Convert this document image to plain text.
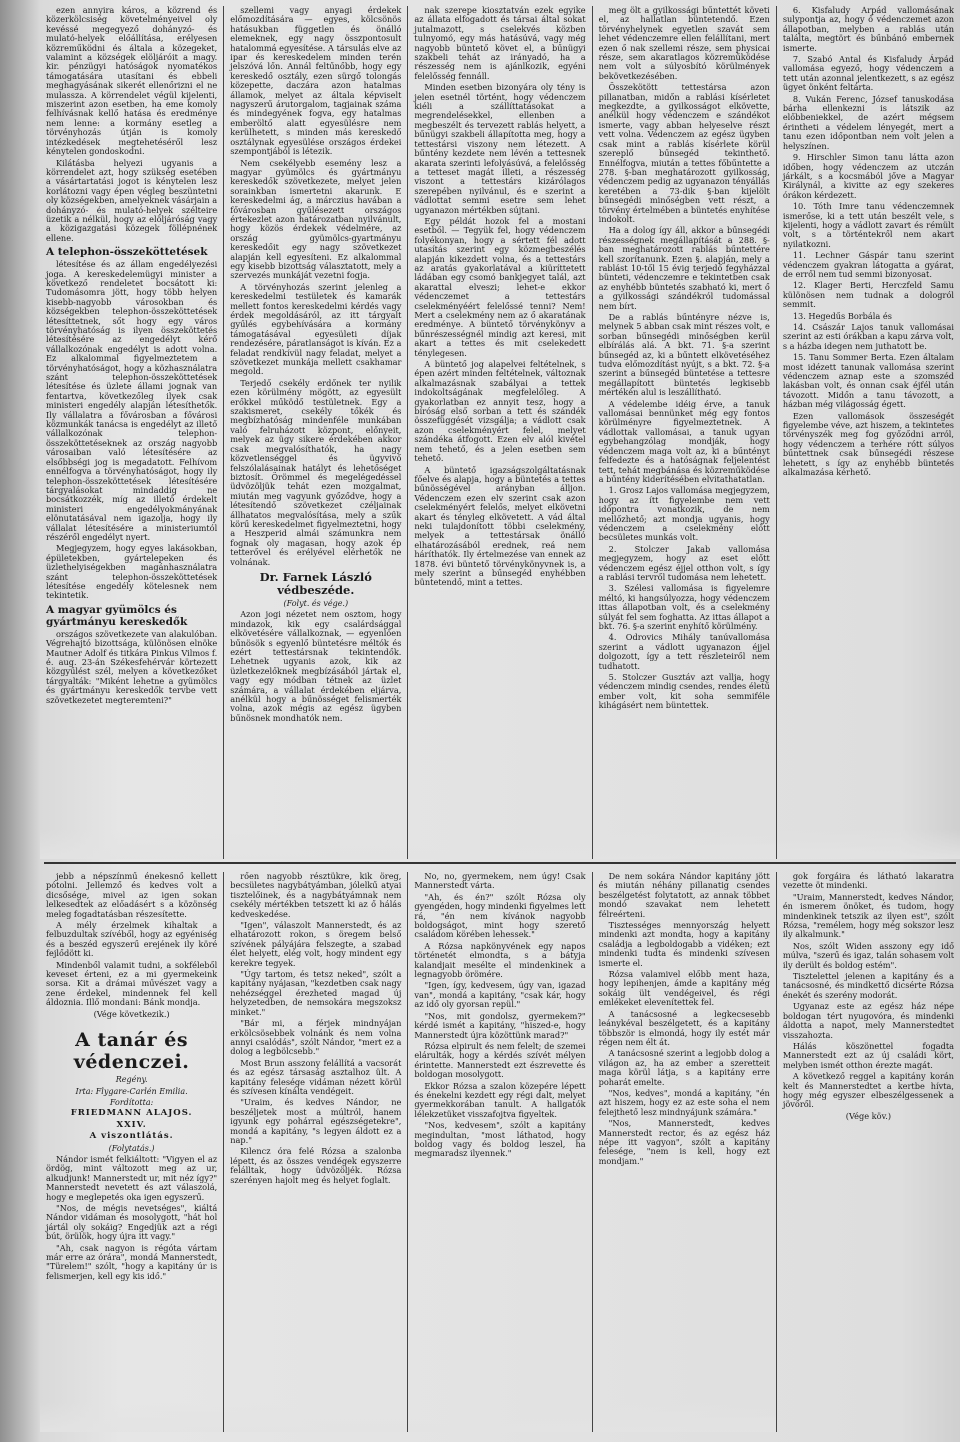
ezen annyira káros, a közrend és közerkölcsiség követelményeivel oly kevéssé megegyező dohányzó- és mulató-helyek előállítása, erélyesen közreműködni és általa a közegeket, valamint a községek elöljáróit a magy. kir. pénzügyi hatóságok nyomatékos támogatására utasítani és ebbeli meghagyásának sikerét ellenőrizni el ne mulassza. A körrendelet végül kijelenti, miszerint azon esetben, ha eme komoly felhívásnak kellő hatása és eredménye nem lenne: a kormány esetleg a törvényhozás útján is komoly intézkedések megtehetéséről lesz kénytelen gondoskodni.

Kilátásba helyezi ugyanis a körrendelet azt, hogy szükség esetében a vásártartatási jogot is kénytelen lesz korlátozni vagy épen végleg beszüntetni oly községekben, amelyeknek vásárjain a dohányzó- és mulató-helyek szélteire üzetik a nélkül, hogy az elöljáróság vagy a közigazgatási közegek föllépnének ellene.

A telephon-összeköttetések

létesítése és az állam engedélyezési joga. A kereskedelemügyi minister a következő rendeletet bocsátott ki: Tudomásomra jött, hogy több helyen kisebb-nagyobb városokban és községekben telephon-összeköttetések létesíttetnek, sőt hogy egy város törvényhatóság is ilyen összeköttetés létesítésére az engedélyt kérő vállalkozónak engedélyt is adott volna. Ez alkalommal figyelmeztetem a törvényhatóságot, hogy a közhasználatra szánt telephon-összeköttetések létesítése és üzlete állami jognak van fentartva, következőleg ilyek csak ministeri engedély alapján létesíthetők. Ily vállalatra a fővárosban a fővárosi közmunkák tanácsa is engedélyt az illető vállalkozónak telephon-összeköttetéseknek az ország nagyobb városaiban való létesítésére az elsőbbségi jog is megadatott. Felhívom ennélfogva a törvényhatóságot, hogy ily telephon-összeköttetések létesítésére tárgyalásokat mindaddig ne bocsátkozzék, míg az illető érdekelt ministeri engedélyokmányának elönutatásával nem igazolja, hogy ily vállalat létesítésére a ministeriumtól részéről engedélyt nyert.

Megjegyzem, hogy egyes lakásokban, épületekben, gyártelepeken és üzlethelyiségekben magánhasználatra szánt telephon-összeköttetések létesítése engedély kötelesnek nem tekintetik.

A magyar gyümölcs és gyártmányu kereskedők

országos szövetkezete van alakulóban. Végrehajtó bizottsága, különösen elnöke Mautner Adolf és titkára Pinkus Vilmos f. é. aug. 23-án Székesfehérvár körtezett közgyűlést szél, melyen a következőket tárgyalták: "Miként lehetne a gyümölcs és gyártmányu kereskedők tervbe vett szövetkezetet megteremteni?"

szellemi vagy anyagi érdekek előmozdítására — egyes, kölcsönös hatásukban független és önálló elemeknek, egy nagy összpontosult hatalommá egyesítése. A társulás elve az ipar és kereskedelem minden terén jelszóvá lőn. Annál feltűnőbb, hogy egy kereskedő osztály, ezen sürgő tolongás közepette, daczára azon hatalmas államok, melyet az általa képviselt nagyszerű árutorgalom, tagjainak száma és mindegyének fogva, egy hatalmas emberöltő alatt egyesülésre nem kerülhetett, s minden más kereskedő osztálynak egyesülése országos érdekei szempontjából is létezik.

Nem csekélyebb esemény lesz a magyar gyümölcs és gyártmányu kereskedők szövetkezete, melyet jelen sorainkban ismertetni akarunk. E kereskedelmi ág, a márczius havában a fővárosban gyűlésezett országos értekezlet azon határozatban nyilvánult, hogy közös érdekek védelmére, az ország gyümölcs-gyartmányu kereskedőit egy nagy szövetkezet alapján kell egyesíteni. Ez alkalommal egy kisebb bizottság választatott, mely a szervezés munkáját vezetni fogja.

A törvényhozás szerint jelenleg a kereskedelmi testületek és kamarák mellett fontos kereskedelmi kérdés vagy érdek megoldásáról, az itt tárgyalt gyűlés egybehívására a kormány támogatásával egyesületi díjak rendezésére, páratlanságot is kíván. Ez a feladat rendkívül nagy feladat, melyet a szövetkezet munkája mellett csakhamar megold.

Terjedő csekély erdőnek ter nyilik ezen körülmény mögött, az egyesült erőkkel működő testületnek. Egy a szakismeret, csekély tőkék és megbízhatóság mindenféle munkában való felruházott központ, előnyeit, melyek az ügy sikere érdekében akkor csak megvalósíthatók, ha nagy közvetlenséggel és ügyvivő felszólalásainak hatályt és lehetőséget biztosít. Örömmel és megelégedéssel üdvözöljük tehát ezen mozgalmat, miután meg vagyunk győződve, hogy a létesítendő szövetkezet czéljainak állhatatos megvalósítása, mely a szűk körű kereskedelmet figyelmeztetni, hogy a Heszperid almái számunkra nem fognak oly magasan, hogy azok ép tetterővel és erélyével elérhetők ne volnának.

Dr. Farnek László védbeszéde.
(Folyt. és vége.)

Azon jogi nézetet nem osztom, hogy mindazok, kik egy csalárdsággal elkövetésére vállalkoznak, — egyenlően bűnösök s egyenlő büntetésre méltók és ezért tettestársnak tekintendők. Lehetnek ugyanis azok, kik az üzletkezelőknek megbízásából jártak el, vagy egy módban tétnek az üzlet számára, a vállalat érdekében eljárva, anélkül hogy a bűnösséget felismerték volna, azok mégis az egész ügyben bűnösnek mondhatók nem.

nak szerepe kiosztatván ezek egyike az állata elfogadott és társai által sokat jutalmazott, s cselekvés közben tulnyomó, egy más hatásúvá, vagy még nagyobb büntető követ el, a bűnügyi szakbeli tehát az irányadó, ha a részesség nem is ajánlkozik, egyéni felelősség fennáll.

Minden esetben bizonyára oly tény is jelen esetnél történt, hogy védenczem kiéli a szállíttatásokat a megrendelésekkel, ellenben a megbeszélt és tervezett rablás helyett, a bűnügyi szakbeli állapította meg, hogy a tettestársi viszony nem létezett. A bűntény kezdete nem lévén a tettesnek akarata szerinti lefolyásúvá, a felelősség a tetteset magát illeti, a részesség viszont a tettestárs kizárólagos szerepében nyilvánul, és e szerint a vádlottat semmi esetre sem lehet ugyanazon mértékben sújtani.

Egy példát hozok fel a mostani esetből. — Tegyük fel, hogy védenczem folyékonyan, hogy a sértett fél adott utasítás szerint egy közmegbeszélés alapján kikezdett volna, és a tettestárs az aratás gyakorlatával a kiüríttetett ládában egy csomó bankjegyet talál, azt akarattal elveszi; lehet-e ekkor védenczemet a tettestárs cselekményéért felelőssé tenni? Nem! Mert a cselekmény nem az ő akaratának eredménye. A büntető törvénykönyv a bűnrészességnél mindig azt keresi, mit akart a tettes és mit cselekedett ténylegesen.

A büntető jog alapelvei feltételnek, s épen azért minden feltételnek, változnak alkalmazásnak szabályai a tettek indokoltságának megfelelőleg. A gyakorlatban ez annyit tesz, hogy a bíróság első sorban a tett és szándék összefüggését vizsgálja; a vádlott csak azon cselekményért felel, melyet szándéka átfogott. Ezen elv alól kivétel nem tehető, és a jelen esetben sem tehető.

A büntető igazságszolgáltatásnak főelve és alapja, hogy a büntetés a tettes bűnösségével arányban álljon. Védenczem ezen elv szerint csak azon cselekményért felelős, melyet elkövetni akart és tényleg elkövetett. A vád által neki tulajdonított többi cselekmény, melyek a tettestársak önálló elhatározásából erednek, reá nem háríthatók. Ily értelmezése van ennek az 1878. évi büntető törvénykönyvnek is, a mely szerint a bűnsegéd enyhébben büntetendő, mint a tettes.

meg ölt a gyilkossági bűntettét követi el, az hallatlan büntetendő. Ezen törvényhelynek egyetlen szavát sem lehet védenczemre ellen felállítani, mert ezen ő nak szellemi része, sem physicai része, sem akaratlagos közreműködése nem volt a súlyosbító körülmények bekövetkezésében.

Összekötött tettestársa azon pillanatban, midőn a rablási kísérletet megkezdte, a gyilkosságot elkövette, anélkül hogy védenczem e szándékot ismerte, vagy abban helyeselve részt vett volna. Védenczem az egész ügyben csak mint a rablás kísérlete körül szereplő bűnsegéd tekinthető. Ennélfogva, miután a tettes főbűntette a 278. §-ban meghatározott gyilkosság, védenczem pedig az ugyanazon tényállás keretében a 73-dik §-ban kijelölt bűnsegédi minőségben vett részt, a törvény értelmében a büntetés enyhítése indokolt.

Ha a dolog így áll, akkor a bűnsegédi részességnek megállapítását a 288. §-ban meghatározott rablás bűntettére kell szorítanunk. Ezen §. alapján, mely a rablást 10-től 15 évig terjedő fegyházzal bünteti, védenczemre e tekintetben csak az enyhébb büntetés szabható ki, mert ő a gyilkossági szándékról tudomással nem bírt.

De a rablás bűntényre nézve is, melynek 5 abban csak mint részes volt, e sorban bűnsegédi minőségben kerül elbírálás alá. A bkt. 71. §-a szerint bűnsegéd az, ki a bűntett elkövetéséhez tudva előmozdítást nyújt, s a bkt. 72. §-a szerint a bűnsegéd büntetése a tettesre megállapított büntetés legkisebb mértékén alul is leszállítható.

A védelembe idéig érve, a tanuk vallomásai bennünket még egy fontos körülményre figyelmeztetnek. A vádlottak vallomásai, a tanuk ugyan egybehangzólag mondják, hogy védenczem maga volt az, ki a bűntényt felfedezte és a hatóságnak feljelentést tett, tehát megbánása és közreműködése a bűntény kiderítésében elvitathatatlan.

1. Grosz Lajos vallomása megjegyzem, hogy az ítt figyelembe nem vett időpontra vonatkozik, de nem mellőzhető; azt mondja ugyanis, hogy védenczem a cselekmény előtt becsületes munkás volt.

2. Stolczer Jakab vallomása megjegyzem, hogy az eset előtt védenczem egész éjjel otthon volt, s így a rablási tervről tudomása nem lehetett.

3. Szélesi vallomása is figyelemre méltó, ki hangsúlyozza, hogy védenczem ittas állapotban volt, és a cselekmény súlyát fel sem foghatta. Az ittas állapot a bkt. 76. §-a szerint enyhítő körülmény.

4. Odrovics Mihály tanúvallomása szerint a vádlott ugyanazon éjjel dolgozott, így a tett részleteiről nem tudhatott.

5. Stolczer Gusztáv azt vallja, hogy védenczem mindig csendes, rendes életű ember volt, kit soha semmiféle kihágásért nem büntettek.

6. Kisfaludy Árpád vallomásának sulypontja az, hogy ő védenczemet azon állapotban, melyben a rablás után találta, megtört és bűnbánó embernek ismerte.

7. Szabó Antal és Kisfaludy Árpád vallomása egyező, hogy védenczem a tett után azonnal jelentkezett, s az egész ügyet önként feltárta.

8. Vukán Ferenc, József tanuskodása bárha ellenkezni is látszik az előbbeniekkel, de azért mégsem érintheti a védelem lényegét, mert a tanu ezen időpontban nem volt jelen a helyszínen.

9. Hirschler Simon tanu látta azon időben, hogy védenczem az utczán járkált, s a kocsmából jőve a Magyar Királynál, a kivitte az egy szekeres órákon kérdezett.

10. Tóth Imre tanu védenczemnek ismerőse, ki a tett után beszélt vele, s kijelenti, hogy a vádlott zavart és rémült volt, s a történtekről nem akart nyilatkozni.

11. Lechner Gáspár tanu szerint védenczem gyakran látogatta a gyárat, de erről nem tud semmi bizonyosat.

12. Klager Berti, Herczfeld Samu különösen nem tudnak a dologról semmit.

13. Hegedűs Borbála és

14. Császár Lajos tanuk vallomásai szerint az esti órákban a kapu zárva volt, s a házba idegen nem juthatott be.

15. Tanu Sommer Berta. Ezen általam most idézett tanunak vallomása szerint védenczem aznap este a szomszéd lakásban volt, és onnan csak éjfél után távozott. Midőn a tanu távozott, a házban még világosság égett.

Ezen vallomások összeségét figyelembe véve, azt hiszem, a tekintetes törvényszék meg fog győződni arról, hogy védenczem a terhére rótt súlyos bűntettnek csak bűnsegédi részese lehetett, s így az enyhébb büntetés alkalmazása kérhető.

jebb a népszínmű énekesnő kellett pótolni. Jellemző és kedves volt a dicsősége, mivel az igen sokan lelkesedtek az előadásért s a közönség meleg fogadtatásban részesítette.

A mély érzelmek kihaltak a felbuzdultak szívéből, hogy az egyéniség és a beszéd egyszerű erejének ily köré fejlődött ki.

Mindenből valamit tudni, a sokféleből keveset érteni, ez a mi gyermekeink sorsa. Kit a drámai művészet vagy a zene érdekel, mindennek fel kell áldoznia. Illő mondani: Bánk mondja.

(Vége következik.)
A tanár és védenczei.
Regény.
Irta: Flygare-Carlén Emilia.
Fordította:
FRIEDMANN ALAJOS.
XXIV.
A viszontlátás.
(Folytatás.)

Nándor ismét felkiáltott: "Vigyen el az ördög, mint változott meg az ur, alkudjunk! Mannerstedt ur, mit néz így?" Mannerstedt nevetett és azt válaszolá, hogy e meglepetés oka igen egyszerű.

"Nos, de mégis nevetséges", kiáltá Nándor vidáman és mosolygott, "hát hol jártál oly sokáig? Engedjük azt a régi bút, örülök, hogy újra itt vagy."

"Ah, csak nagyon is régóta vártam már erre az órára", mondá Mannerstedt, "Türelem!" szólt, "hogy a kapitány úr is felismerjen, kell egy kis idő."

rően nagyobb résztükre, kik öreg, becsületes nagybátyámban, jólelkű atyai tisztelőinek, és a nagybátyámnak nem csekély mértékben tetszett ki az ő hálás kedveskedése.

"Igen", válaszolt Mannerstedt, és az elhatározott rokon, s öregem belső szívének pályájára felszegte, a szabad élet helyett, elég volt, hogy mindent egy kerekre tegyek.

"Úgy tartom, és tetsz neked", szólt a kapitány nyájasan, "kezdetben csak nagy nehézséggel érezheted magad új helyzetedben, de nemsokára megszoksz minket."

"Bár mi, a férjek mindnyájan erkölcsösebbek volnánk és nem volna annyi csalódás", szólt Nándor, "mert ez a dolog a legbölcsebb."

Most Brun asszony felállítá a vacsorát és az egész társaság asztalhoz ült. A kapitány felesége vidáman nézett körül és szívesen kínálta vendégeit.

"Uraim, és kedves Nándor, ne beszéljetek most a múltról, hanem igyunk egy pohárral egészségetekre", mondá a kapitány, "s legyen áldott ez a nap."

Kilencz óra felé Rózsa a szalonba lépett, és az összes vendégek egyszerre felálltak, hogy üdvözöljék. Rózsa szerényen hajolt meg és helyet foglalt.

No, no, gyermekem, nem úgy! Csak Mannerstedt várta.

"Ah, és én?" szólt Rózsa oly gyengéden, hogy mindenki figyelmes lett rá, "én nem kívánok nagyobb boldogságot, mint hogy szerető családom körében lehessek."

A Rózsa napkönyvének egy napos történetét elmondta, s a bátyja kalandjait mesélte el mindenkinek a legnagyobb örömére.

"Igen, így, kedvesem, úgy van, igazad van", mondá a kapitány, "csak kár, hogy az idő oly gyorsan repül."

"Nos, mit gondolsz, gyermekem?" kérdé ismét a kapitány, "hiszed-e, hogy Mannerstedt újra közöttünk marad?"

Rózsa elpirult és nem felelt; de szemei elárulták, hogy a kérdés szívét mélyen érintette. Mannerstedt ezt észrevette és boldogan mosolygott.

Ekkor Rózsa a szalon közepére lépett és énekelni kezdett egy régi dalt, melyet gyermekkorában tanult. A hallgatók lélekzetüket visszafojtva figyeltek.

"Nos, kedvesem", szólt a kapitány megindultan, "most láthatod, hogy boldog vagy és boldog leszel, ha megmaradsz ilyennek."

De nem sokára Nándor kapitány jött és miután néhány pillanatig csendes beszélgetést folytatott, az annak többet mondó szavakat nem lehetett félreérteni.

Tisztességes mennyország helyett mindenki azt mondta, hogy a kapitány családja a legboldogabb a vidéken; ezt mindenki tudta és mindenki szívesen ismerte el.

Rózsa valamivel előbb ment haza, hogy lepihenjen, ámde a kapitány még sokáig ült vendégeivel, és régi emlékeket elevenítettek fel.

A tanácsosné a legkecsesebb leánykéval beszélgetett, és a kapitány többször is elmondá, hogy ily estét már régen nem élt át.

A tanácsosné szerint a legjobb dolog a világon az, ha az ember a szeretteit maga körül látja, s a kapitány erre poharát emelte.

"Nos, kedves", mondá a kapitány, "én azt hiszem, hogy ez az este soha el nem felejthető lesz mindnyájunk számára."

"Nos, Mannerstedt, kedves Mannerstedt rector, és az egész ház népe itt vagyon", szólt a kapitány felesége, "nem is kell, hogy ezt mondjam."

gok forgáira és látható lakaratra vezette öt mindenki.

"Uraim, Mannerstedt, kedves Nándor, én ismerem önöket, és tudom, hogy mindenkinek tetszik az ilyen est", szólt Rózsa, "remélem, hogy még sokszor lesz ily alkalmunk."

Nos, szólt Widen asszony egy idő múlva, "szerű és igaz, talán sohasem volt ily derült és boldog estém".

Tisztelettel jelenen a kapitány és a tanácsosné, és mindkettő dicsérte Rózsa énekét és szerény modorát.

Ugyanaz este az egész ház népe boldogan tért nyugovóra, és mindenki áldotta a napot, mely Mannerstedtet visszahozta.

Hálás köszönettel fogadta Mannerstedt ezt az új családi kört, melyben ismét otthon érezte magát.

A következő reggel a kapitány korán kelt és Mannerstedtet a kertbe hívta, hogy még egyszer elbeszélgessenek a jövőről.

(Vége köv.)
